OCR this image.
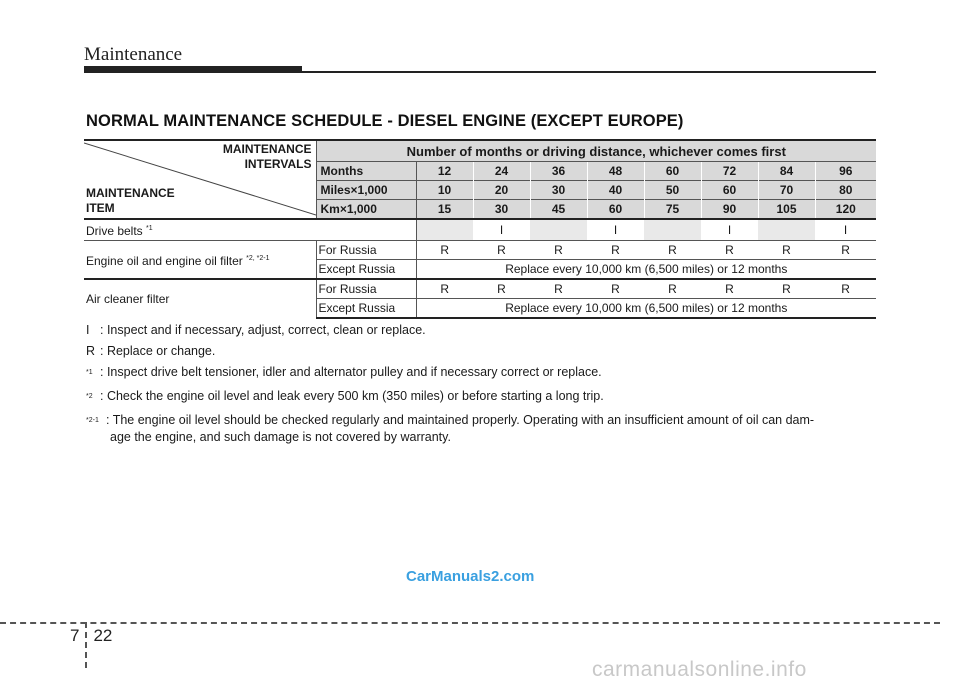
Maintenance
NORMAL MAINTENANCE SCHEDULE - DIESEL ENGINE (EXCEPT EUROPE)
MAINTENANCE
INTERVALS
MAINTENANCE
ITEM	Number of months or driving distance, whichever comes first								
	Months	12	24	36	48	60	72	84	96
	Miles×1,000	10	20	30	40	50	60	70	80
	Km×1,000	15	30	45	60	75	90	105	120
Drive belts $^{*1}$			I		I		I		I
Engine oil and engine oil filter $^{*2, *2-1}$	For Russia	R	R	R	R	R	R	R	R
	Except Russia	Replace every 10,000 km (6,500 miles) or 12 months							
Air cleaner filter	For Russia	R	R	R	R	R	R	R	R
	Except Russia	Replace every 10,000 km (6,500 miles) or 12 months							
I : Inspect and if necessary, adjust, correct, clean or replace.
R : Replace or change.
$^{*1}$ : Inspect drive belt tensioner, idler and alternator pulley and if necessary correct or replace.
$^{*2}$ : Check the engine oil level and leak every 500 km (350 miles) or before starting a long trip.
$^{*2-1}$ : The engine oil level should be checked regularly and maintained properly. Operating with an insufficient amount of oil can dam-
age the engine, and such damage is not covered by warranty.
CarManuals2.com
7 22
carmanualsonline.info
